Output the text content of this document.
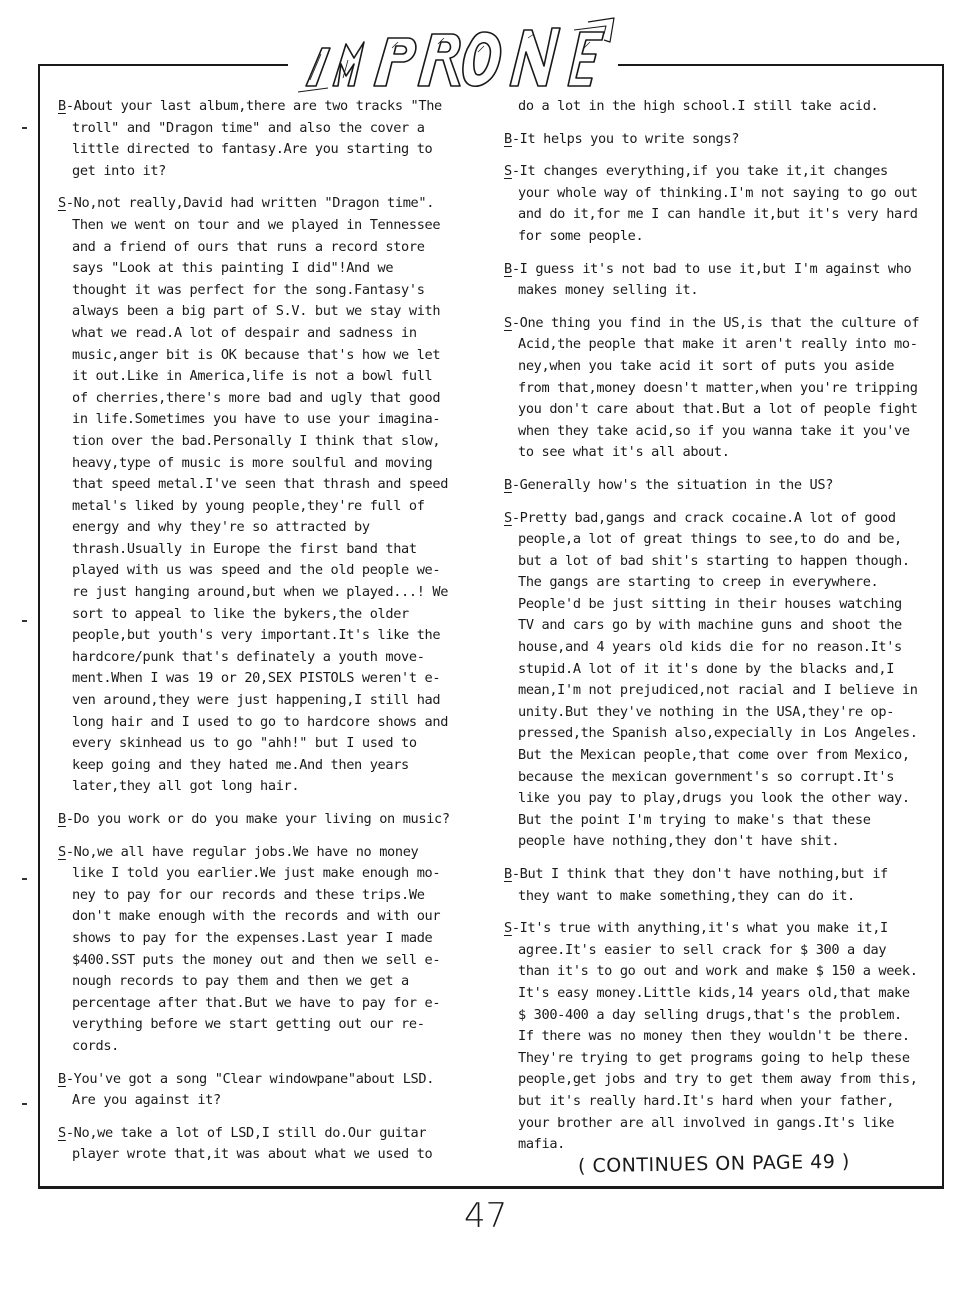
B-About your last album,there are two tracks "The troll" and "Dragon time" and also the cover a little directed to fantasy.Are you starting to get into it?

S-No,not really,David had written "Dragon time". Then we went on tour and we played in Tennessee and a friend of ours that runs a record store says "Look at this painting I did"!And we thought it was perfect for the song.Fantasy's always been a big part of S.V. but we stay with what we read.A lot of despair and sadness in music,anger bit is OK because that's how we let it out.Like in America,life is not a bowl full of cherries,there's more bad and ugly that good in life.Sometimes you have to use your imagina-tion over the bad.Personally I think that slow, heavy,type of music is more soulful and moving that speed metal.I've seen that thrash and speed metal's liked by young people,they're full of energy and why they're so attracted by thrash.Usually in Europe the first band that played with us was speed and the old people we-re just hanging around,but when we played...! We sort to appeal to like the bykers,the older people,but youth's very important.It's like the hardcore/punk that's definately a youth move-ment.When I was 19 or 20,SEX PISTOLS weren't e-ven around,they were just happening,I still had long hair and I used to go to hardcore shows and every skinhead us to go "ahh!" but I used to keep going and they hated me.And then years later,they all got long hair.

B-Do you work or do you make your living on music?

S-No,we all have regular jobs.We have no money like I told you earlier.We just make enough mo-ney to pay for our records and these trips.We don't make enough with the records and with our shows to pay for the expenses.Last year I made $400.SST puts the money out and then we sell e-nough records to pay them and then we get a percentage after that.But we have to pay for e-verything before we start getting out our re-cords.

B-You've got a song "Clear windowpane"about LSD. Are you against it?

S-No,we take a lot of LSD,I still do.Our guitar player wrote that,it was about what we used to

do a lot in the high school.I still take acid.

B-It helps you to write songs?

S-It changes everything,if you take it,it changes your whole way of thinking.I'm not saying to go out and do it,for me I can handle it,but it's very hard for some people.

B-I guess it's not bad to use it,but I'm against who makes money selling it.

S-One thing you find in the US,is that the culture of Acid,the people that make it aren't really into mo-ney,when you take acid it sort of puts you aside from that,money doesn't matter,when you're tripping you don't care about that.But a lot of people fight when they take acid,so if you wanna take it you've to see what it's all about.

B-Generally how's the situation in the US?

S-Pretty bad,gangs and crack cocaine.A lot of good people,a lot of great things to see,to do and be, but a lot of bad shit's starting to happen though. The gangs are starting to creep in everywhere. People'd be just sitting in their houses watching TV and cars go by with machine guns and shoot the house,and 4 years old kids die for no reason.It's stupid.A lot of it it's done by the blacks and,I mean,I'm not prejudiced,not racial and I believe in unity.But they've nothing in the USA,they're op-pressed,the Spanish also,expecially in Los Angeles. But the Mexican people,that come over from Mexico, because the mexican government's so corrupt.It's like you pay to play,drugs you look the other way. But the point I'm trying to make's that these people have nothing,they don't have shit.

B-But I think that they don't have nothing,but if they want to make something,they can do it.

S-It's true with anything,it's what you make it,I agree.It's easier to sell crack for $ 300 a day than it's to go out and work and make $ 150 a week. It's easy money.Little kids,14 years old,that make $ 300-400 a day selling drugs,that's the problem. If there was no money then they wouldn't be there. They're trying to get programs going to help these people,get jobs and try to get them away from this, but it's really hard.It's hard when your father, your brother are all involved in gangs.It's like mafia.

( CONTINUES ON PAGE 49 )
47
